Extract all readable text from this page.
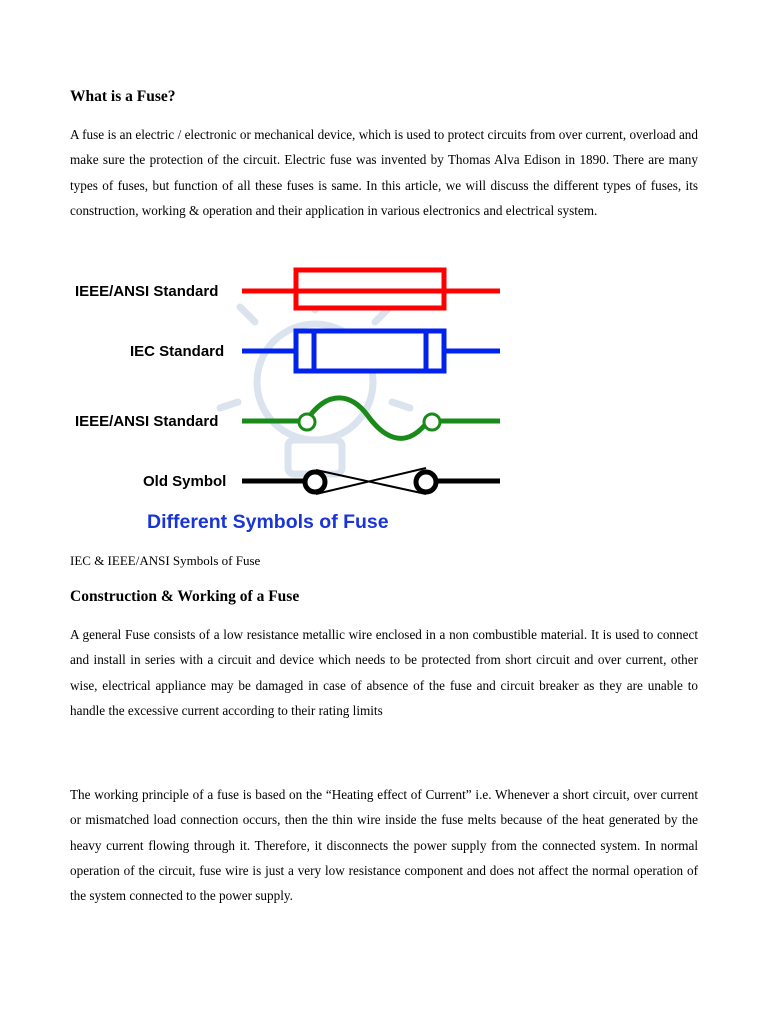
What is a Fuse?

A fuse is an electric / electronic or mechanical device, which is used to protect circuits from over current, overload and make sure the protection of the circuit. Electric fuse was invented by Thomas Alva Edison in 1890. There are many types of fuses, but function of all these fuses is same. In this article, we will discuss the different types of fuses, its construction, working & operation and their application in various electronics and electrical system.

IEEE/ANSI Standard
IEC Standard
IEEE/ANSI Standard
Old Symbol
Different Symbols of Fuse

IEC & IEEE/ANSI Symbols of Fuse

Construction & Working of a Fuse

A general Fuse consists of a low resistance metallic wire enclosed in a non combustible material. It is used to connect and install in series with a circuit and device which needs to be protected from short circuit and over current, other wise, electrical appliance may be damaged in case of absence of the fuse and circuit breaker as they are unable to handle the excessive current according to their rating limits

The working principle of a fuse is based on the “Heating effect of Current” i.e. Whenever a short circuit, over current or mismatched load connection occurs, then the thin wire inside the fuse melts because of the heat generated by the heavy current flowing through it. Therefore, it disconnects the power supply from the connected system. In normal operation of the circuit, fuse wire is just a very low resistance component and does not affect the normal operation of the system connected to the power supply.
